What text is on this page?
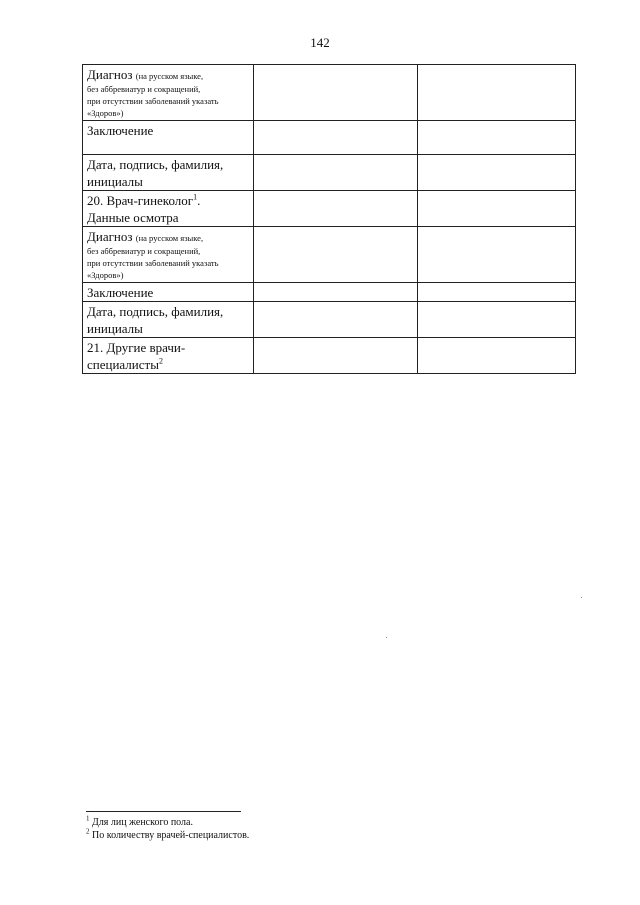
142
Диагноз (на русском языке,
без аббревиатур и сокращений,
при отсутствии заболеваний указать
«Здоров»)		

Заключение		

Дата, подпись, фамилия,
инициалы		

20. Врач-гинеколог$^1$.
Данные осмотра		

Диагноз (на русском языке,
без аббревиатур и сокращений,
при отсутствии заболеваний указать
«Здоров»)		

Заключение		

Дата, подпись, фамилия,
инициалы		

21. Другие врачи-
специалисты$^2$

$^1$ Для лиц женского пола.
$^2$ По количеству врачей-специалистов.
